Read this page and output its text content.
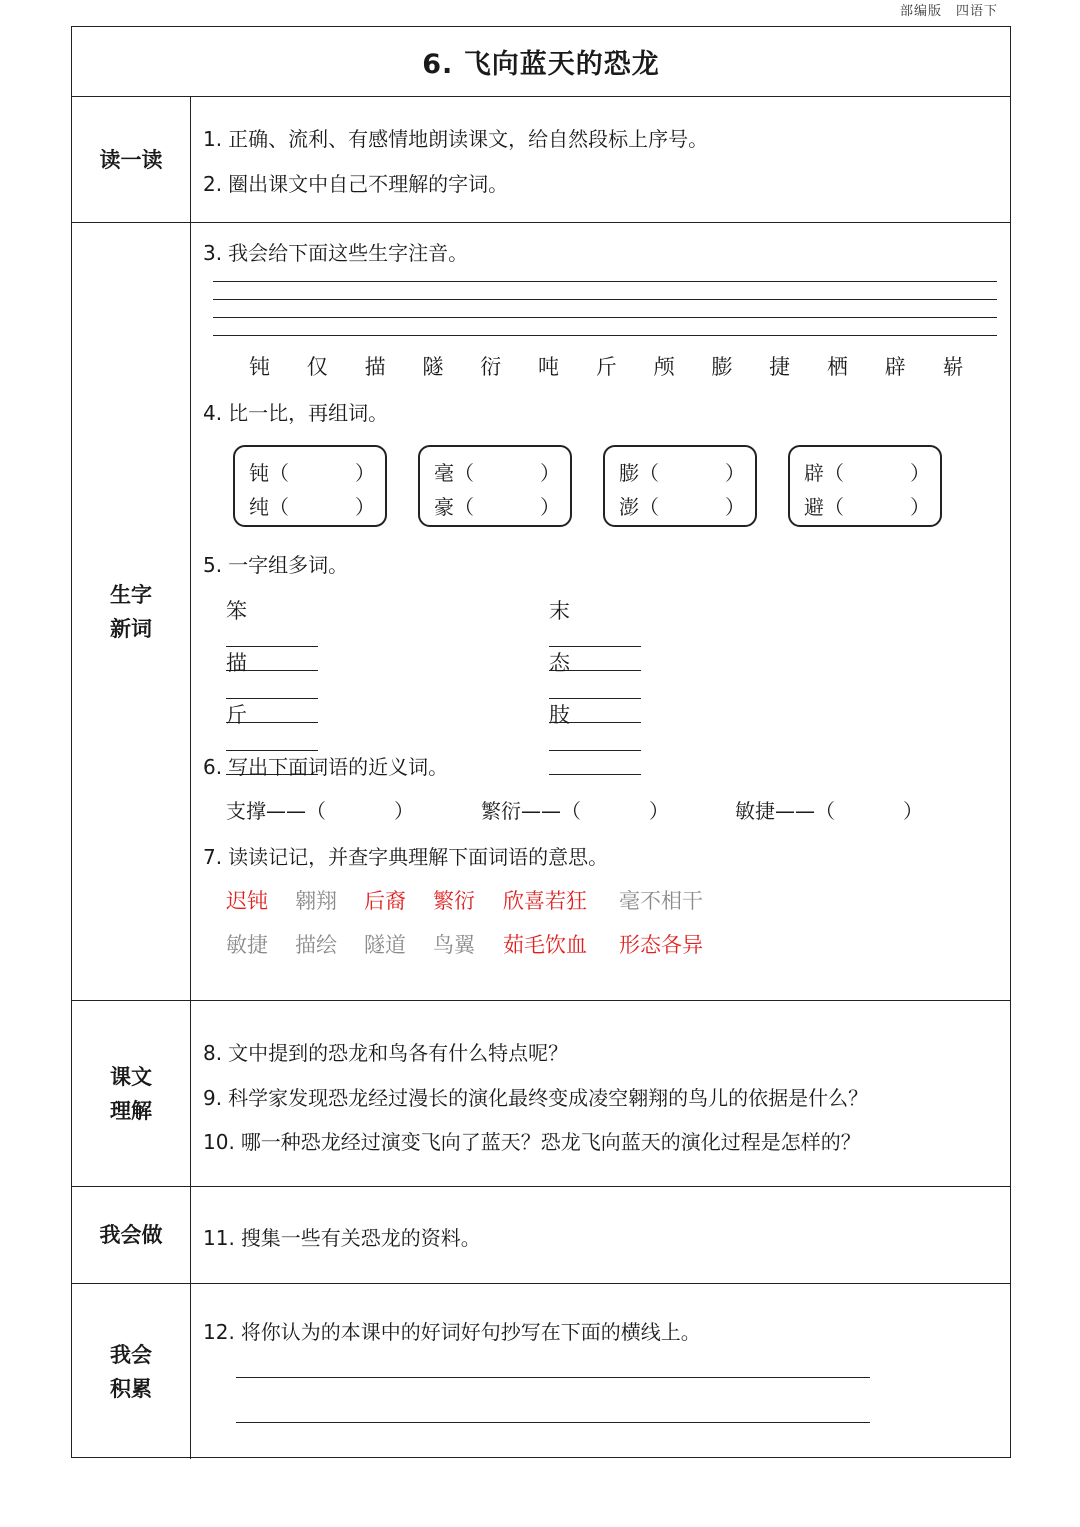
部编版　四语下
6. 飞向蓝天的恐龙
读一读
1. 正确、流利、有感情地朗读课文，给自然段标上序号。
2. 圈出课文中自己不理解的字词。
生字
新词
3. 我会给下面这些生字注音。
钝	仅	描	隧	衍	吨	斤	颅	膨	捷	栖	辟	崭
4. 比一比，再组词。
钝（	）
纯（	）
毫（	）
豪（	）
膨（	）
澎（	）
辟（	）
避（	）
5. 一字组多词。
笨	末
描	态
斤	肢
6. 写出下面词语的近义词。
支撑——（	）	繁衍——（	）	敏捷——（	）
7. 读读记记，并查字典理解下面词语的意思。
迟钝 翱翔 后裔 繁衍 欣喜若狂 毫不相干
敏捷 描绘 隧道 鸟翼 茹毛饮血 形态各异
课文
理解
8. 文中提到的恐龙和鸟各有什么特点呢？
9. 科学家发现恐龙经过漫长的演化最终变成凌空翱翔的鸟儿的依据是什么？
10. 哪一种恐龙经过演变飞向了蓝天？恐龙飞向蓝天的演化过程是怎样的？
我会做 11. 搜集一些有关恐龙的资料。
我会
积累
12. 将你认为的本课中的好词好句抄写在下面的横线上。
